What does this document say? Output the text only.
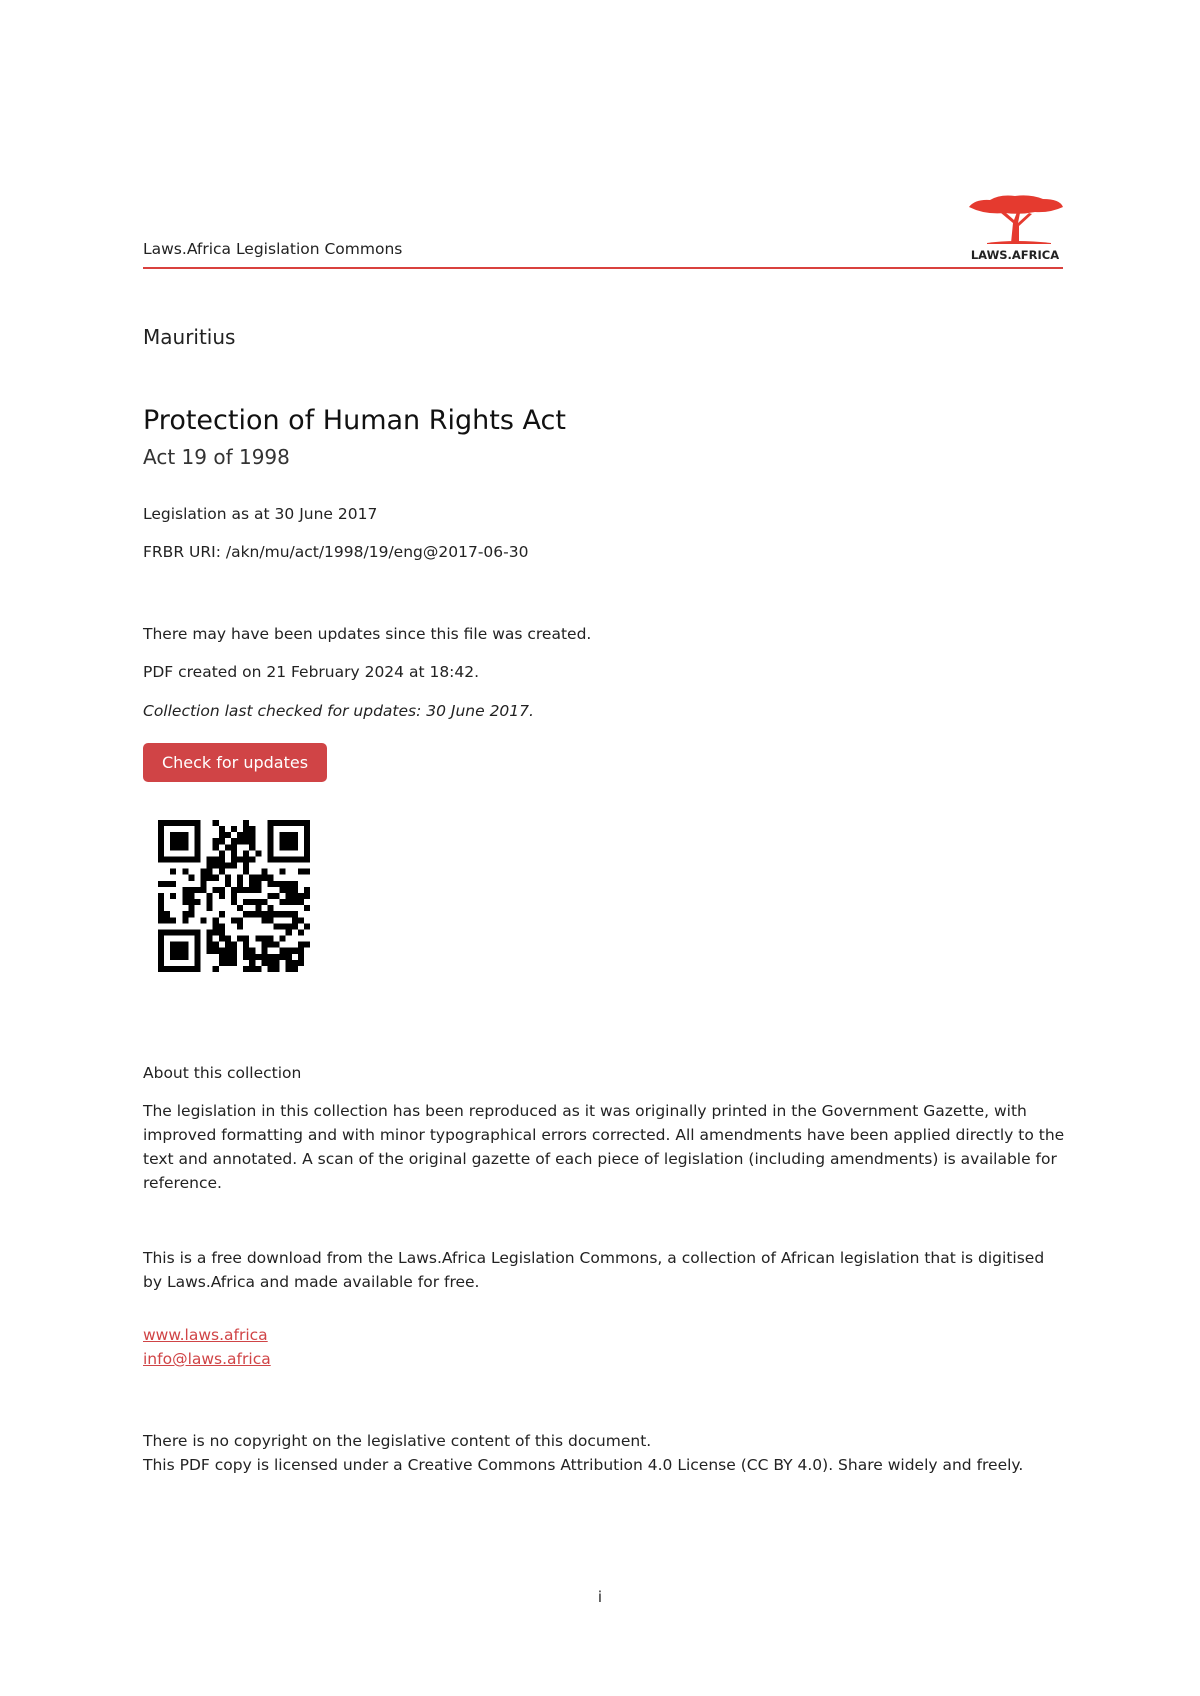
Laws.Africa Legislation Commons	LAWS.AFRICA
Mauritius
Protection of Human Rights Act
Act 19 of 1998
Legislation as at 30 June 2017
FRBR URI: /akn/mu/act/1998/19/eng@2017-06-30
There may have been updates since this file was created.
PDF created on 21 February 2024 at 18:42.
Collection last checked for updates: 30 June 2017.
Check for updates
About this collection
The legislation in this collection has been reproduced as it was originally printed in the Government Gazette, with improved formatting and with minor typographical errors corrected. All amendments have been applied directly to the text and annotated. A scan of the original gazette of each piece of legislation (including amendments) is available for reference.
This is a free download from the Laws.Africa Legislation Commons, a collection of African legislation that is digitised by Laws.Africa and made available for free.
www.laws.africa
info@laws.africa
There is no copyright on the legislative content of this document.
This PDF copy is licensed under a Creative Commons Attribution 4.0 License (CC BY 4.0). Share widely and freely.
i
